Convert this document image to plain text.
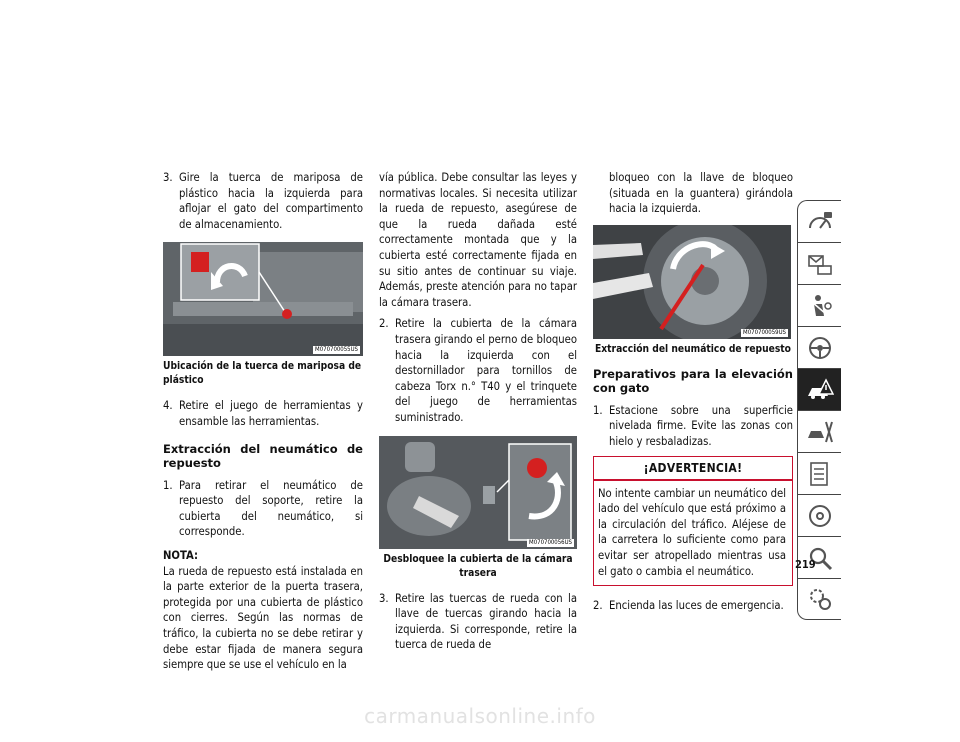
3. Gire la tuerca de mariposa de plástico hacia la izquierda para aflojar el gato del compartimento de almacenamiento.
M070700055US
Ubicación de la tuerca de mariposa de plástico
4. Retire el juego de herramientas y ensamble las herramientas.
Extracción del neumático de repuesto
1. Para retirar el neumático de repuesto del soporte, retire la cubierta del neumático, si corresponde.
NOTA:
La rueda de repuesto está instalada en la parte exterior de la puerta trasera, protegida por una cubierta de plástico con cierres. Según las normas de tráfico, la cubierta no se debe retirar y debe estar fijada de manera segura siempre que se use el vehículo en la
vía pública. Debe consultar las leyes y normativas locales. Si necesita utilizar la rueda de repuesto, asegúrese de que la rueda dañada esté correctamente montada que y la cubierta esté correctamente fijada en su sitio antes de continuar su viaje. Además, preste atención para no tapar la cámara trasera.
2. Retire la cubierta de la cámara trasera girando el perno de bloqueo hacia la izquierda con el destornillador para tornillos de cabeza Torx n.° T40 y el trinquete del juego de herramientas suministrado.
M070700056US
Desbloquee la cubierta de la cámara trasera
3. Retire las tuercas de rueda con la llave de tuercas girando hacia la izquierda. Si corresponde, retire la tuerca de rueda de
bloqueo con la llave de bloqueo (situada en la guantera) girándola hacia la izquierda.
M070700059US
Extracción del neumático de repuesto
Preparativos para la elevación con gato
1. Estacione sobre una superficie nivelada firme. Evite las zonas con hielo y resbaladizas.
¡ADVERTENCIA!
No intente cambiar un neumático del lado del vehículo que está próximo a la circulación del tráfico. Aléjese de la carretera lo suficiente como para evitar ser atropellado mientras usa el gato o cambia el neumático.
2. Encienda las luces de emergencia.
219
carmanualsonline.info
